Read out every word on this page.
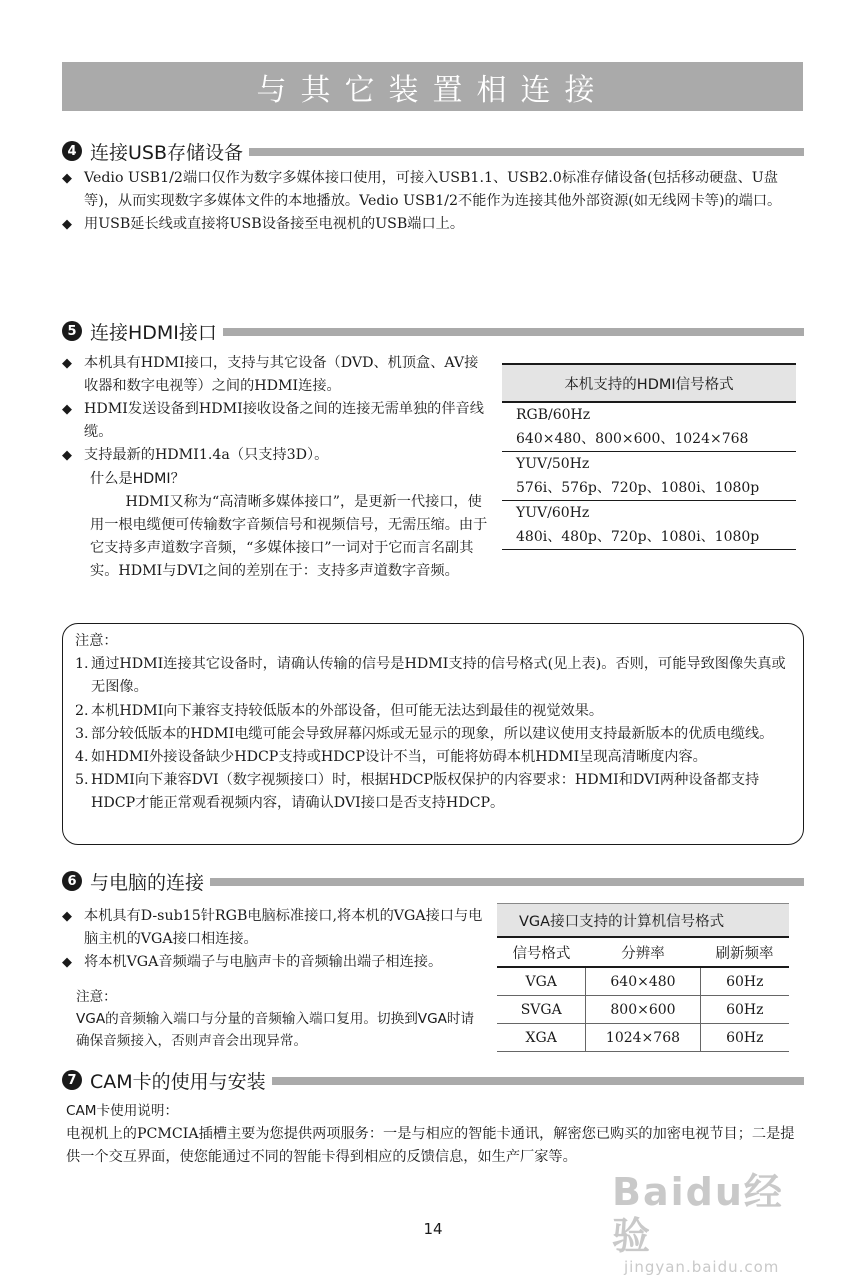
与其它装置相连接
4 连接USB存储设备
◆ Vedio USB1/2端口仅作为数字多媒体接口使用，可接入USB1.1、USB2.0标准存储设备(包括移动硬盘、U盘等)，从而实现数字多媒体文件的本地播放。Vedio USB1/2不能作为连接其他外部资源(如无线网卡等)的端口。
◆ 用USB延长线或直接将USB设备接至电视机的USB端口上。
5 连接HDMI接口
◆ 本机具有HDMI接口，支持与其它设备（DVD、机顶盒、AV接收器和数字电视等）之间的HDMI连接。
◆ HDMI发送设备到HDMI接收设备之间的连接无需单独的伴音线缆。
◆ 支持最新的HDMI1.4a（只支持3D）。
什么是HDMI？
HDMI又称为“高清晰多媒体接口”，是更新一代接口，使用一根电缆便可传输数字音频信号和视频信号，无需压缩。由于它支持多声道数字音频，“多媒体接口”一词对于它而言名副其实。HDMI与DVI之间的差别在于：支持多声道数字音频。
本机支持的HDMI信号格式
RGB/60Hz
640×480、800×600、1024×768
YUV/50Hz
576i、576p、720p、1080i、1080p
YUV/60Hz
480i、480p、720p、1080i、1080p
注意：
1. 通过HDMI连接其它设备时，请确认传输的信号是HDMI支持的信号格式(见上表)。否则，可能导致图像失真或无图像。
2. 本机HDMI向下兼容支持较低版本的外部设备，但可能无法达到最佳的视觉效果。
3. 部分较低版本的HDMI电缆可能会导致屏幕闪烁或无显示的现象，所以建议使用支持最新版本的优质电缆线。
4. 如HDMI外接设备缺少HDCP支持或HDCP设计不当，可能将妨碍本机HDMI呈现高清晰度内容。
5. HDMI向下兼容DVI（数字视频接口）时，根据HDCP版权保护的内容要求：HDMI和DVI两种设备都支持HDCP才能正常观看视频内容，请确认DVI接口是否支持HDCP。
6 与电脑的连接
◆ 本机具有D-sub15针RGB电脑标准接口,将本机的VGA接口与电脑主机的VGA接口相连接。
◆ 将本机VGA音频端子与电脑声卡的音频输出端子相连接。
注意：
VGA的音频输入端口与分量的音频输入端口复用。切换到VGA时请确保音频接入，否则声音会出现异常。
VGA接口支持的计算机信号格式		
信号格式	分辨率	刷新频率
VGA	640×480	60Hz
SVGA	800×600	60Hz
XGA	1024×768	60Hz
7 CAM卡的使用与安装
CAM卡使用说明：
电视机上的PCMCIA插槽主要为您提供两项服务：一是与相应的智能卡通讯，解密您已购买的加密电视节目；二是提供一个交互界面，使您能通过不同的智能卡得到相应的反馈信息，如生产厂家等。
Baidu经验
jingyan.baidu.com
14
